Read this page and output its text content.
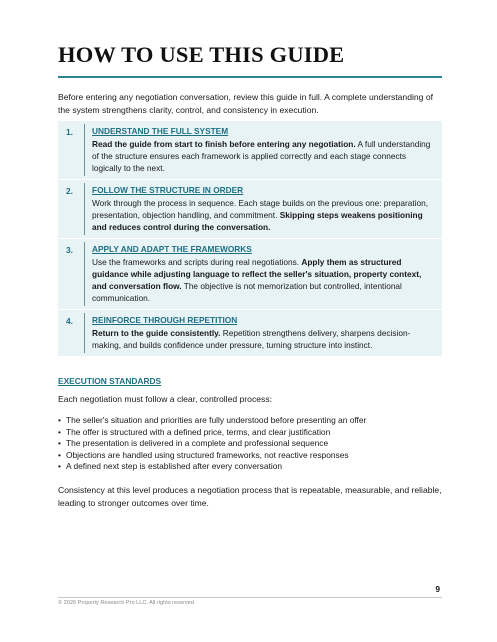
HOW TO USE THIS GUIDE

Before entering any negotiation conversation, review this guide in full. A complete understanding of the system strengthens clarity, control, and consistency in execution.

1.	UNDERSTAND THE FULL SYSTEM
Read the guide from start to finish before entering any negotiation. A full understanding of the structure ensures each framework is applied correctly and each stage connects logically to the next.
2.	FOLLOW THE STRUCTURE IN ORDER
Work through the process in sequence. Each stage builds on the previous one: preparation, presentation, objection handling, and commitment. Skipping steps weakens positioning and reduces control during the conversation.
3.	APPLY AND ADAPT THE FRAMEWORKS
Use the frameworks and scripts during real negotiations. Apply them as structured guidance while adjusting language to reflect the seller's situation, property context, and conversation flow. The objective is not memorization but controlled, intentional communication.
4.	REINFORCE THROUGH REPETITION
Return to the guide consistently. Repetition strengthens delivery, sharpens decision-making, and builds confidence under pressure, turning structure into instinct.

EXECUTION STANDARDS

Each negotiation must follow a clear, controlled process:

• The seller's situation and priorities are fully understood before presenting an offer
• The offer is structured with a defined price, terms, and clear justification
• The presentation is delivered in a complete and professional sequence
• Objections are handled using structured frameworks, not reactive responses
• A defined next step is established after every conversation

Consistency at this level produces a negotiation process that is repeatable, measurable, and reliable, leading to stronger outcomes over time.

9

© 2026 Property Research Pro LLC. All rights reserved.
